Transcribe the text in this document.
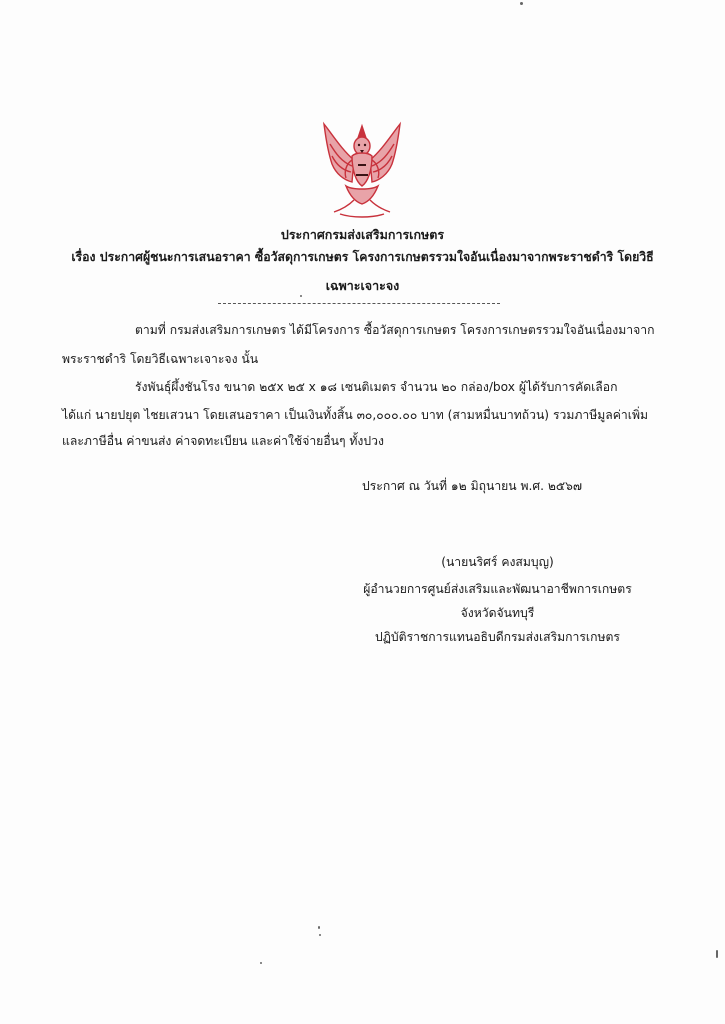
ประกาศกรมส่งเสริมการเกษตร
เรื่อง ประกาศผู้ชนะการเสนอราคา ซื้อวัสดุการเกษตร โครงการเกษตรรวมใจอันเนื่องมาจากพระราชดำริ โดยวิธี
เฉพาะเจาะจง
ตามที่ กรมส่งเสริมการเกษตร ได้มีโครงการ ซื้อวัสดุการเกษตร โครงการเกษตรรวมใจอันเนื่องมาจาก
พระราชดำริ โดยวิธีเฉพาะเจาะจง นั้น
รังพันธุ์ผึ้งชันโรง ขนาด ๒๕x ๒๕ x ๑๘ เซนติเมตร จำนวน ๒๐ กล่อง/box ผู้ได้รับการคัดเลือก
ได้แก่ นายปยุต ไชยเสวนา โดยเสนอราคา เป็นเงินทั้งสิ้น ๓๐,๐๐๐.๐๐ บาท (สามหมื่นบาทถ้วน) รวมภาษีมูลค่าเพิ่ม
และภาษีอื่น ค่าขนส่ง ค่าจดทะเบียน และค่าใช้จ่ายอื่นๆ ทั้งปวง
ประกาศ ณ วันที่ ๑๒ มิถุนายน พ.ศ. ๒๕๖๗
(นายนริศร์ คงสมบุญ)
ผู้อำนวยการศูนย์ส่งเสริมและพัฒนาอาชีพการเกษตร
จังหวัดจันทบุรี
ปฏิบัติราชการแทนอธิบดีกรมส่งเสริมการเกษตร
